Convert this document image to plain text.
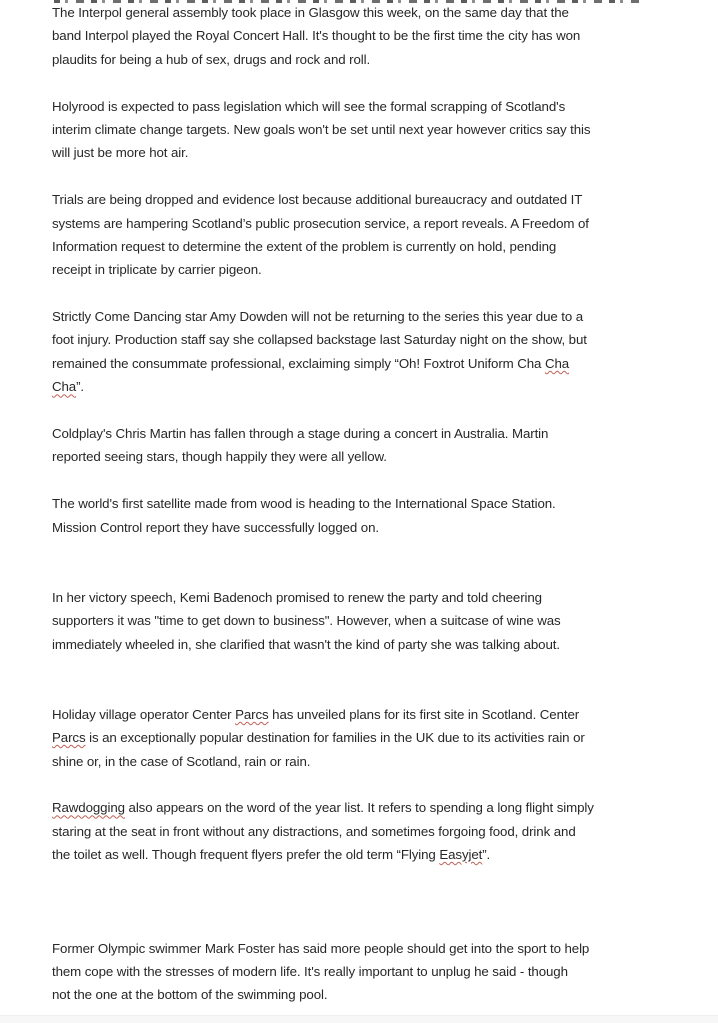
The Interpol general assembly took place in Glasgow this week, on the same day that the
band Interpol played the Royal Concert Hall. It's thought to be the first time the city has won
plaudits for being a hub of sex, drugs and rock and roll.
Holyrood is expected to pass legislation which will see the formal scrapping of Scotland's
interim climate change targets. New goals won't be set until next year however critics say this
will just be more hot air.
Trials are being dropped and evidence lost because additional bureaucracy and outdated IT
systems are hampering Scotland’s public prosecution service, a report reveals. A Freedom of
Information request to determine the extent of the problem is currently on hold, pending
receipt in triplicate by carrier pigeon.
Strictly Come Dancing star Amy Dowden will not be returning to the series this year due to a
foot injury. Production staff say she collapsed backstage last Saturday night on the show, but
remained the consummate professional, exclaiming simply “Oh! Foxtrot Uniform Cha Cha
Cha”.
Coldplay's Chris Martin has fallen through a stage during a concert in Australia. Martin
reported seeing stars, though happily they were all yellow.
The world's first satellite made from wood is heading to the International Space Station.
Mission Control report they have successfully logged on.
In her victory speech, Kemi Badenoch promised to renew the party and told cheering
supporters it was "time to get down to business". However, when a suitcase of wine was
immediately wheeled in, she clarified that wasn't the kind of party she was talking about.
Holiday village operator Center Parcs has unveiled plans for its first site in Scotland. Center
Parcs is an exceptionally popular destination for families in the UK due to its activities rain or
shine or, in the case of Scotland, rain or rain.
Rawdogging also appears on the word of the year list. It refers to spending a long flight simply
staring at the seat in front without any distractions, and sometimes forgoing food, drink and
the toilet as well. Though frequent flyers prefer the old term “Flying Easyjet”.
Former Olympic swimmer Mark Foster has said more people should get into the sport to help
them cope with the stresses of modern life. It's really important to unplug he said - though
not the one at the bottom of the swimming pool.
